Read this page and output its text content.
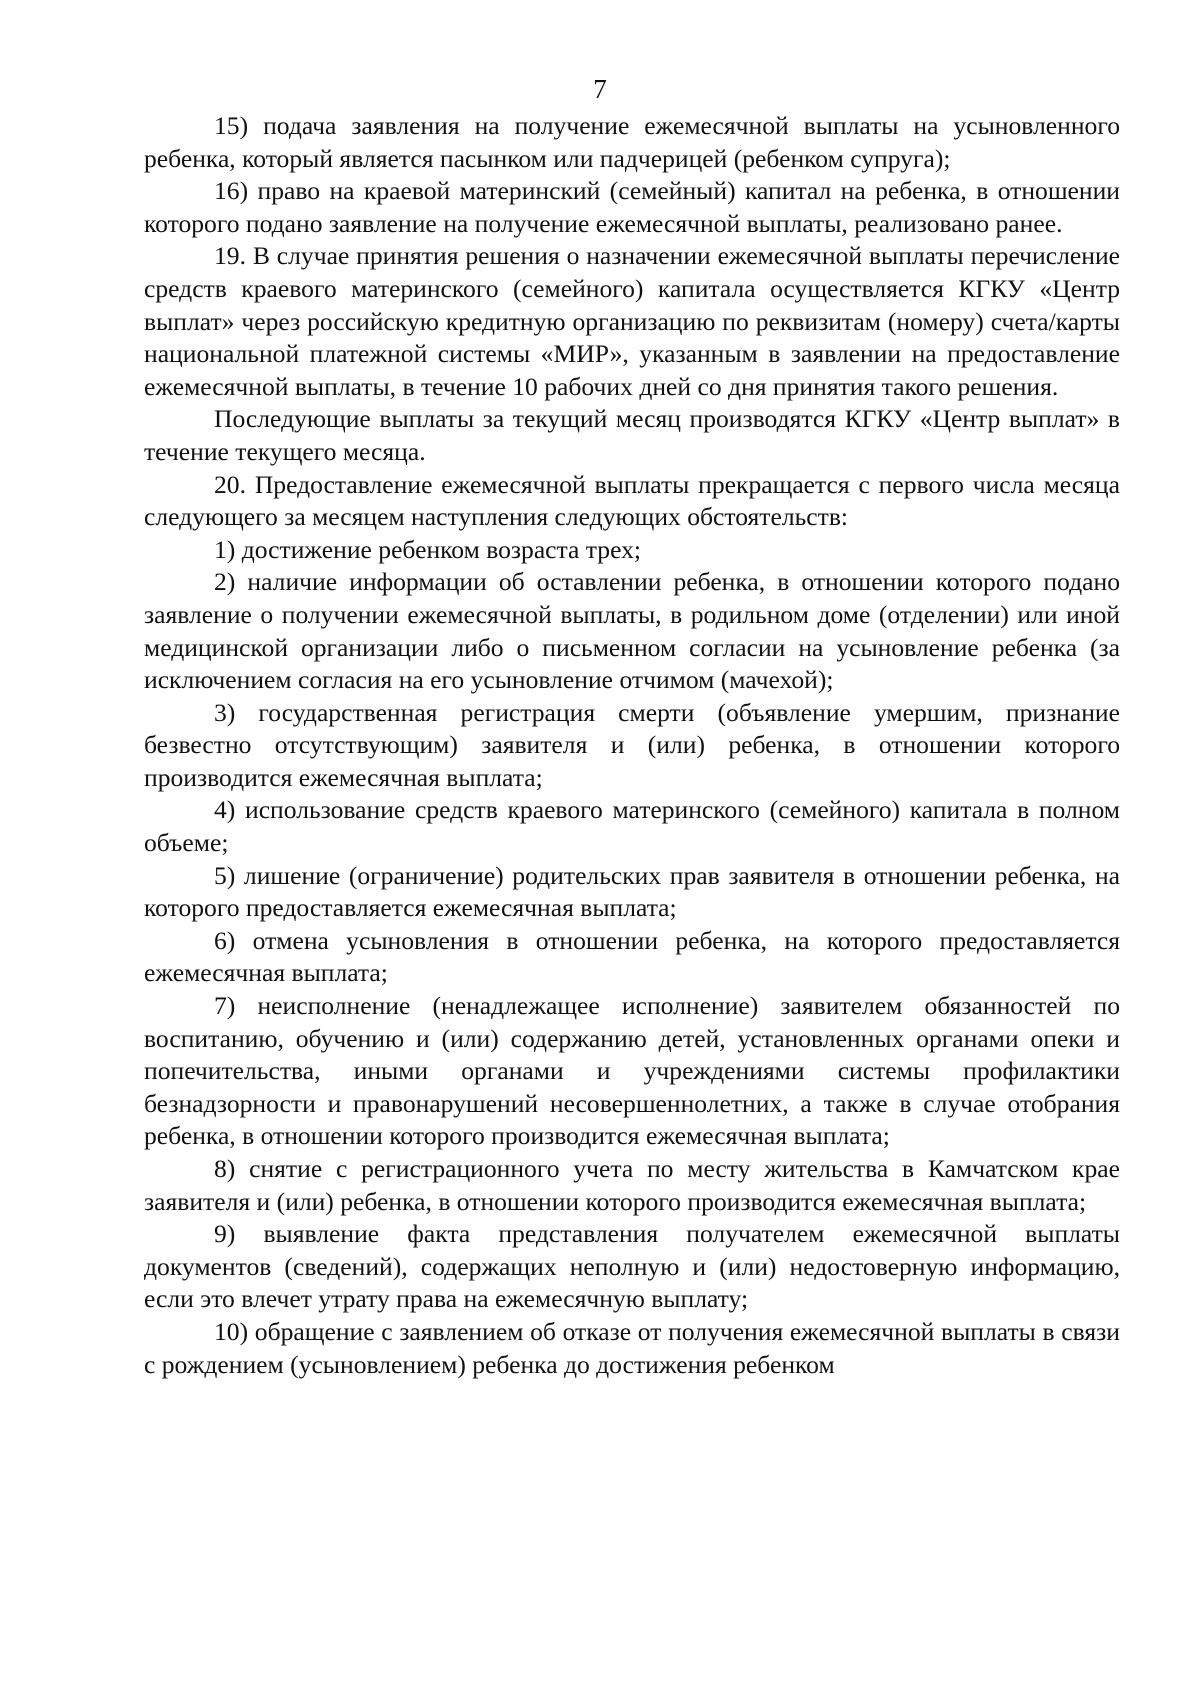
7

15) подача заявления на получение ежемесячной выплаты на усыновленного ребенка, который является пасынком или падчерицей (ребенком супруга);

16) право на краевой материнский (семейный) капитал на ребенка, в отношении которого подано заявление на получение ежемесячной выплаты, реализовано ранее.

19. В случае принятия решения о назначении ежемесячной выплаты перечисление средств краевого материнского (семейного) капитала осуществляется КГКУ «Центр выплат» через российскую кредитную организацию по реквизитам (номеру) счета/карты национальной платежной системы «МИР», указанным в заявлении на предоставление ежемесячной выплаты, в течение 10 рабочих дней со дня принятия такого решения.

Последующие выплаты за текущий месяц производятся КГКУ «Центр выплат» в течение текущего месяца.

20. Предоставление ежемесячной выплаты прекращается с первого числа месяца следующего за месяцем наступления следующих обстоятельств:

1) достижение ребенком возраста трех;

2) наличие информации об оставлении ребенка, в отношении которого подано заявление о получении ежемесячной выплаты, в родильном доме (отделении) или иной медицинской организации либо о письменном согласии на усыновление ребенка (за исключением согласия на его усыновление отчимом (мачехой);

3) государственная регистрация смерти (объявление умершим, признание безвестно отсутствующим) заявителя и (или) ребенка, в отношении которого производится ежемесячная выплата;

4) использование средств краевого материнского (семейного) капитала в полном объеме;

5) лишение (ограничение) родительских прав заявителя в отношении ребенка, на которого предоставляется ежемесячная выплата;

6) отмена усыновления в отношении ребенка, на которого предоставляется ежемесячная выплата;

7) неисполнение (ненадлежащее исполнение) заявителем обязанностей по воспитанию, обучению и (или) содержанию детей, установленных органами опеки и попечительства, иными органами и учреждениями системы профилактики безнадзорности и правонарушений несовершеннолетних, а также в случае отобрания ребенка, в отношении которого производится ежемесячная выплата;

8) снятие с регистрационного учета по месту жительства в Камчатском крае заявителя и (или) ребенка, в отношении которого производится ежемесячная выплата;

9) выявление факта представления получателем ежемесячной выплаты документов (сведений), содержащих неполную и (или) недостоверную информацию, если это влечет утрату права на ежемесячную выплату;

10) обращение с заявлением об отказе от получения ежемесячной выплаты в связи с рождением (усыновлением) ребенка до достижения ребенком
